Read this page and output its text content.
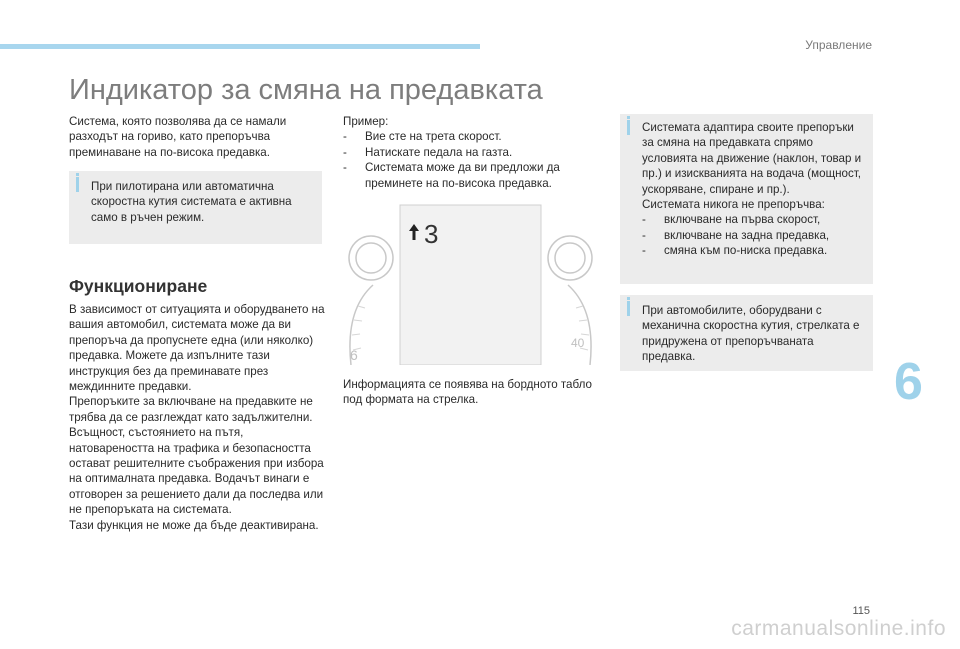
Управление
Индикатор за смяна на предавката

Система, която позволява да се намали разходът на гориво, като препоръчва преминаване на по-висока предавка.

При пилотирана или автоматична скоростна кутия системата е активна само в ръчен режим.

Функциониране

В зависимост от ситуацията и оборудването на вашия автомобил, системата може да ви препоръча да пропуснете една (или няколко) предавка. Можете да изпълните тази инструкция без да преминавате през междинните предавки.
Препоръките за включване на предавките не трябва да се разглеждат като задължителни. Всъщност, състоянието на пътя, натовареността на трафика и безопасността остават решителните съображения при избора на оптималната предавка. Водачът винаги е отговорен за решението дали да последва или не препоръката на системата.
Тази функция не може да бъде деактивирана.

Пример:
- Вие сте на трета скорост.
- Натискате педала на газта.
- Системата може да ви предложи да преминете на по-висока предавка.
3
6
40

Информацията се появява на бордното табло под формата на стрелка.

Системата адаптира своите препоръки за смяна на предавката спрямо условията на движение (наклон, товар и пр.) и изискванията на водача (мощност, ускоряване, спиране и пр.).

Системата никога не препоръчва:

- включване на първа скорост,
- включване на задна предавка,
- смяна към по-ниска предавка.

При автомобилите, оборудвани с механична скоростна кутия, стрелката е придружена от препоръчваната предавка.	6
115
carmanualsonline.info
